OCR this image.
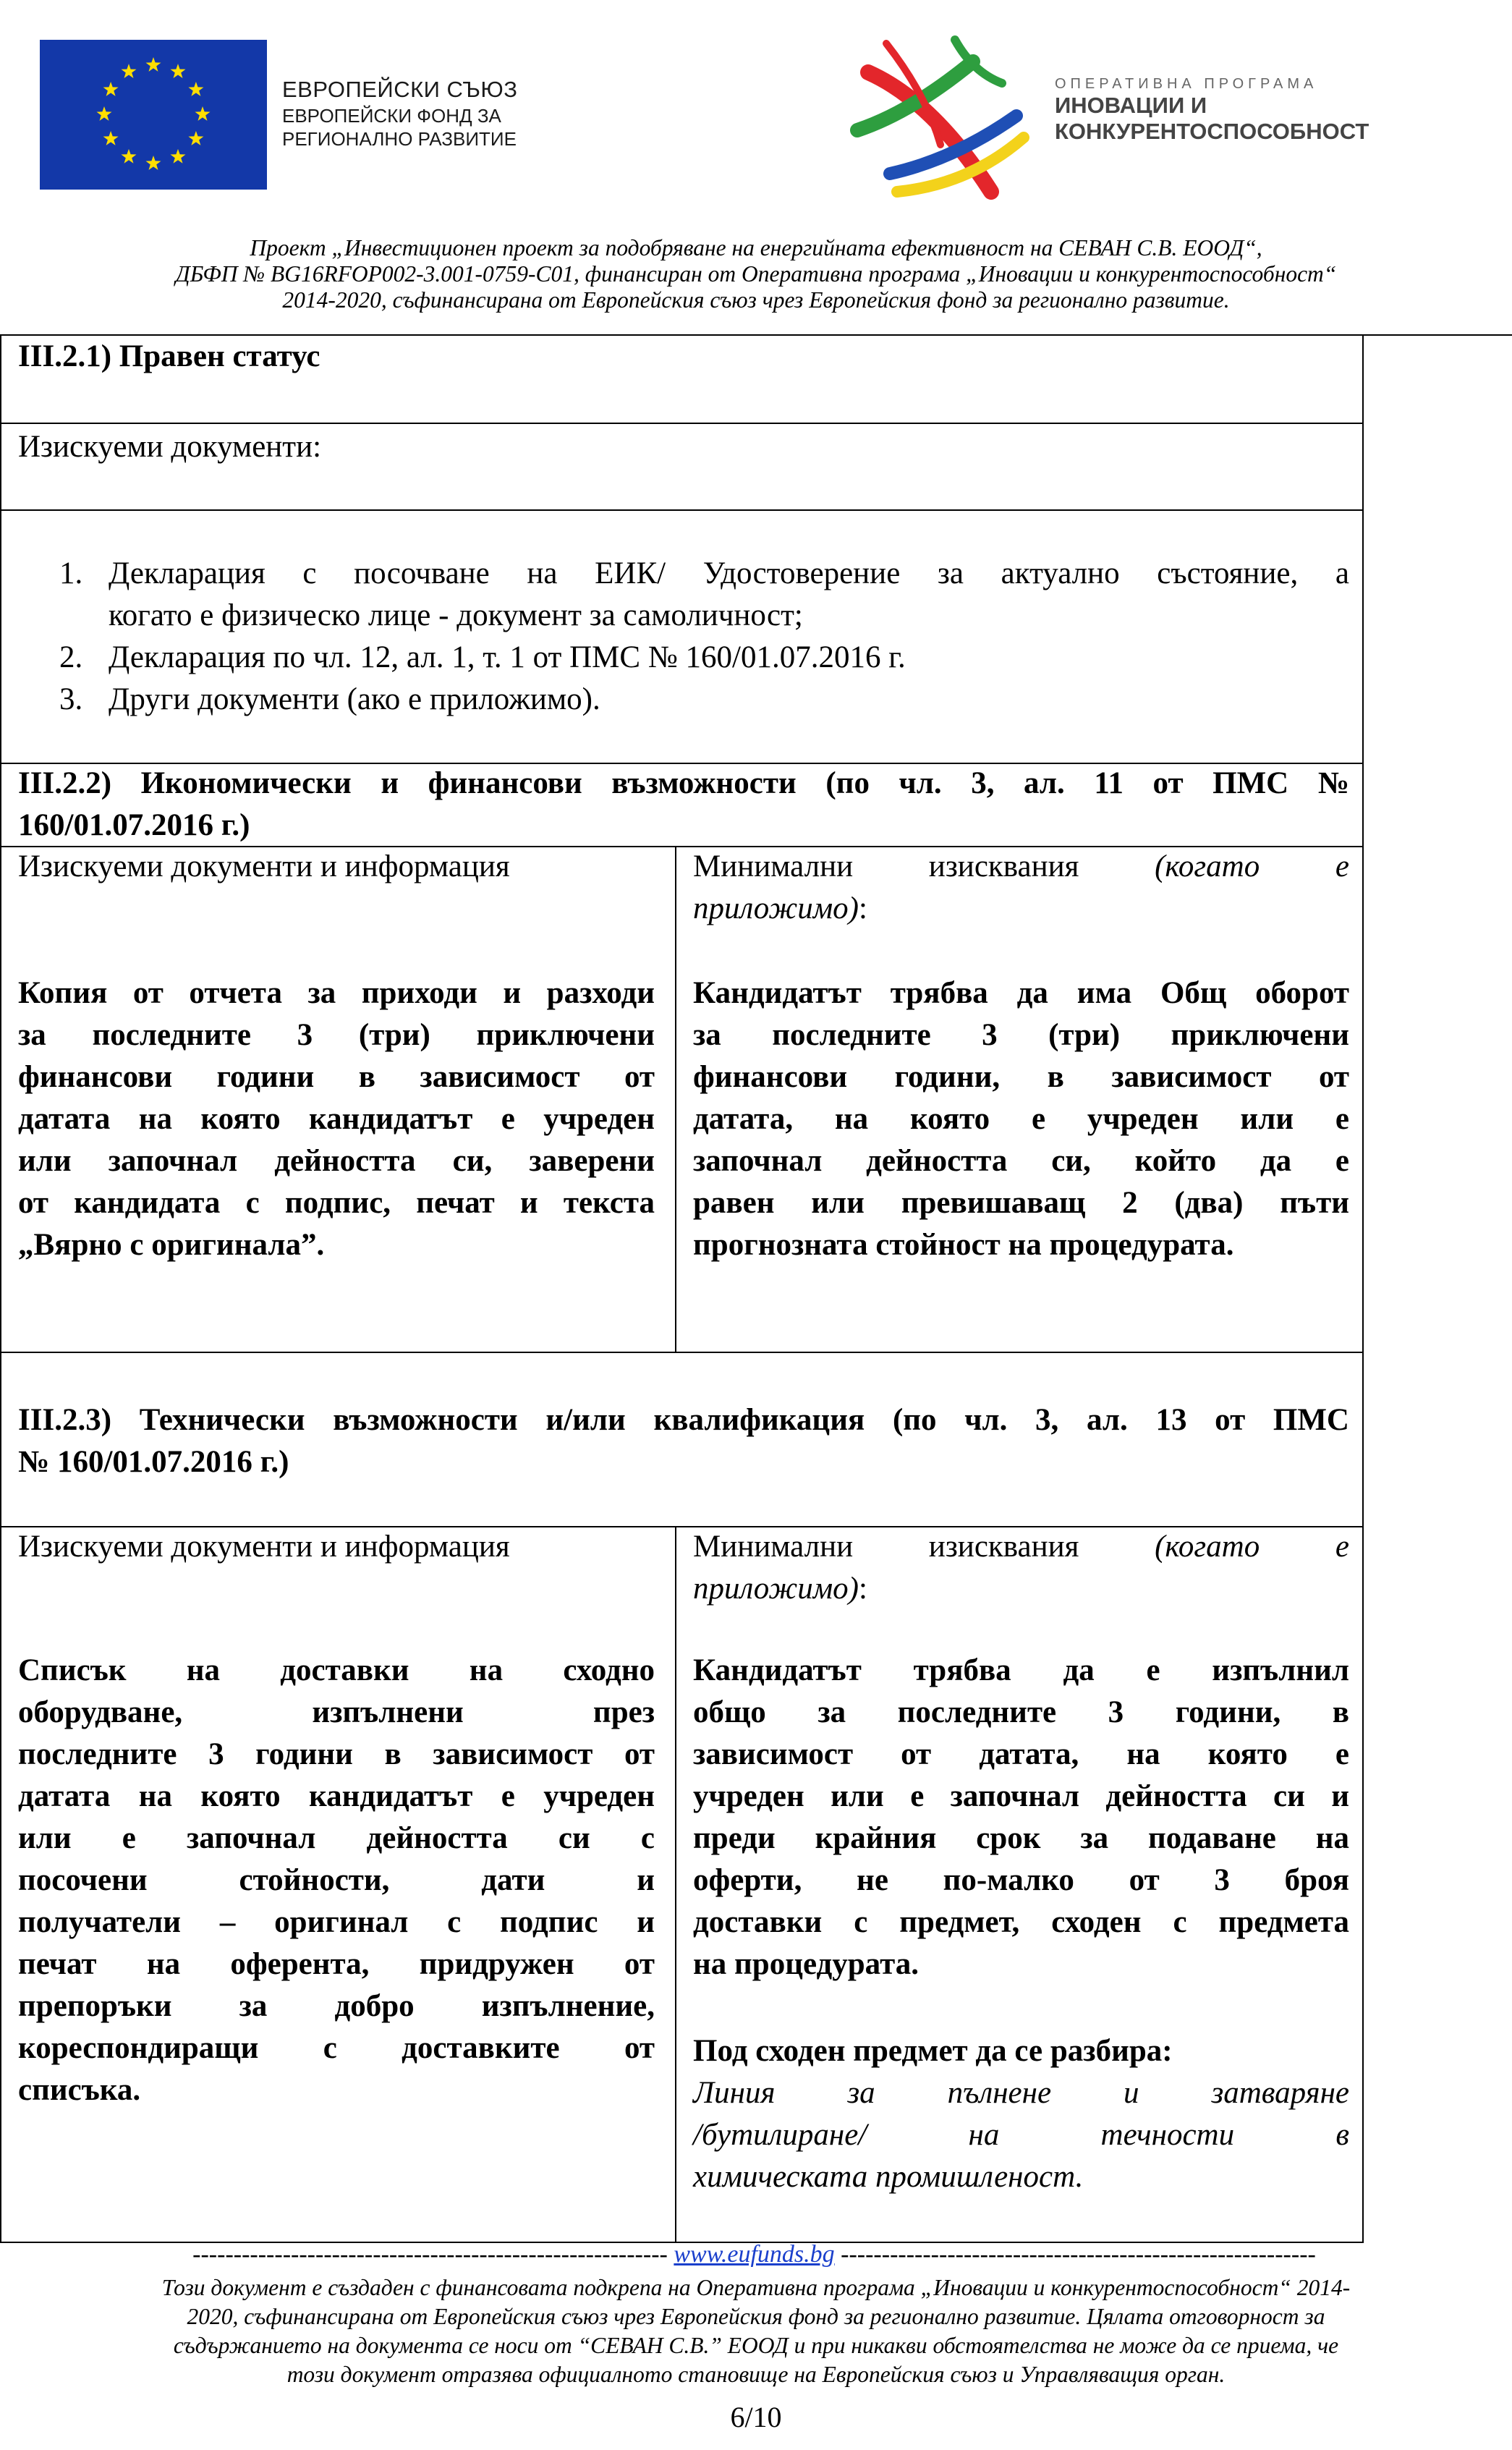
ЕВРОПЕЙСКИ СЪЮЗ
ЕВРОПЕЙСКИ ФОНД ЗА
РЕГИОНАЛНО РАЗВИТИЕ
ОПЕРАТИВНА ПРОГРАМА
ИНОВАЦИИ И
КОНКУРЕНТОСПОСОБНОСТ
Проект „Инвестиционен проект за подобряване на енергийната ефективност на СЕВАН С.В. ЕООД“,
ДБФП № BG16RFOP002-3.001-0759-C01, финансиран от Оперативна програма „Иновации и конкурентоспособност“
2014-2020, съфинансирана от Европейския съюз чрез Европейския фонд за регионално развитие.
III.2.1) Правен статус
Изискуеми документи:
1. Декларация с посочване на ЕИК/ Удостоверение за актуално състояние, а
когато е физическо лице - документ за самоличност;
2. Декларация по чл. 12, ал. 1, т. 1 от ПМС № 160/01.07.2016 г.
3. Други документи (ако е приложимо).
III.2.2) Икономически и финансови възможности (по чл. 3, ал. 11 от ПМС №
160/01.07.2016 г.)
Изискуеми документи и информация	Минимални изисквания (когато е
приложимо):
Копия от отчета за приходи и разходи
за последните 3 (три) приключени
финансови години в зависимост от
датата на която кандидатът е учреден
или започнал дейността си, заверени
от кандидата с подпис, печат и текста
„Вярно с оригинала”.
Кандидатът трябва да има Общ оборот
за последните 3 (три) приключени
финансови години, в зависимост от
датата, на която е учреден или е
започнал дейността си, който да е
равен или превишаващ 2 (два) пъти
прогнозната стойност на процедурата.
III.2.3) Технически възможности и/или квалификация (по чл. 3, ал. 13 от ПМС
№ 160/01.07.2016 г.)
Изискуеми документи и информация	Минимални изисквания (когато е
приложимо):
Списък на доставки на сходно
оборудване, изпълнени през
последните 3 години в зависимост от
датата на която кандидатът е учреден
или е започнал дейността си с
посочени стойности, дати и
получатели – оригинал с подпис и
печат на оферента, придружен от
препоръки за добро изпълнение,
кореспондиращи с доставките от
списъка.
Кандидатът трябва да е изпълнил
общо за последните 3 години, в
зависимост от датата, на която е
учреден или е започнал дейността си и
преди крайния срок за подаване на
оферти, не по-малко от 3 броя
доставки с предмет, сходен с предмета
на процедурата.
Под сходен предмет да се разбира:
Линия за пълнене и затваряне
/бутилиране/ на течности в
химическата промишленост.
---------------------------------------------------------- www.eufunds.bg ----------------------------------------------------------
Този документ е създаден с финансовата подкрепа на Оперативна програма „Иновации и конкурентоспособност“ 2014-
2020, съфинансирана от Европейския съюз чрез Европейския фонд за регионално развитие. Цялата отговорност за
съдържанието на документа се носи от “СЕВАН С.В.” ЕООД и при никакви обстоятелства не може да се приема, че
този документ отразява официалното становище на Европейския съюз и Управляващия орган.
6/10
